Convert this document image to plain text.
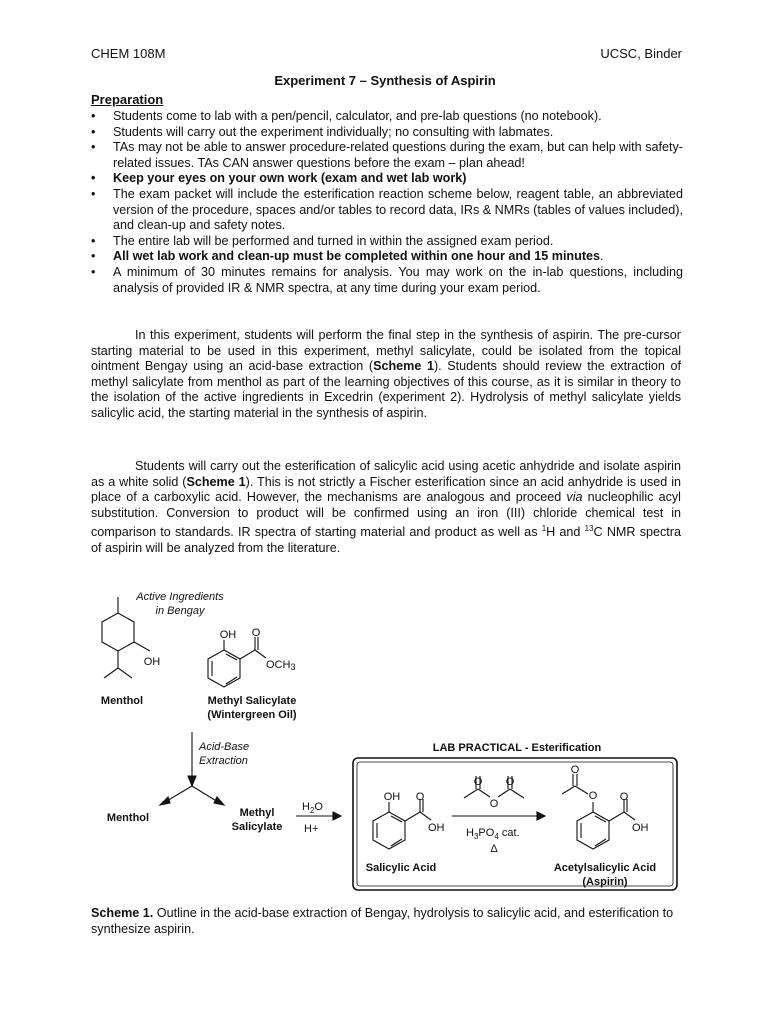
CHEM 108M	UCSC, Binder
Experiment 7 – Synthesis of Aspirin
Preparation
• Students come to lab with a pen/pencil, calculator, and pre-lab questions (no notebook).
• Students will carry out the experiment individually; no consulting with labmates.
• TAs may not be able to answer procedure-related questions during the exam, but can help with safety-related issues. TAs CAN answer questions before the exam – plan ahead!
• Keep your eyes on your own work (exam and wet lab work)
• The exam packet will include the esterification reaction scheme below, reagent table, an abbreviated version of the procedure, spaces and/or tables to record data, IRs & NMRs (tables of values included), and clean-up and safety notes.
• The entire lab will be performed and turned in within the assigned exam period.
• All wet lab work and clean-up must be completed within one hour and 15 minutes.
• A minimum of 30 minutes remains for analysis. You may work on the in-lab questions, including analysis of provided IR & NMR spectra, at any time during your exam period.

In this experiment, students will perform the final step in the synthesis of aspirin. The pre-cursor starting material to be used in this experiment, methyl salicylate, could be isolated from the topical ointment Bengay using an acid-base extraction (Scheme 1). Students should review the extraction of methyl salicylate from menthol as part of the learning objectives of this course, as it is similar in theory to the isolation of the active ingredients in Excedrin (experiment 2). Hydrolysis of methyl salicylate yields salicylic acid, the starting material in the synthesis of aspirin.

Students will carry out the esterification of salicylic acid using acetic anhydride and isolate aspirin as a white solid (Scheme 1). This is not strictly a Fischer esterification since an acid anhydride is used in place of a carboxylic acid. However, the mechanisms are analogous and proceed via nucleophilic acyl substitution. Conversion to product will be confirmed using an iron (III) chloride chemical test in comparison to standards. IR spectra of starting material and product as well as $^1$H and $^{13}$C NMR spectra of aspirin will be analyzed from the literature.

Active Ingredients
in Bengay
OH
OH O
OCH3
Menthol	Methyl Salicylate
(Wintergreen Oil)
Acid-Base
Extraction
Menthol	Methyl
Salicylate
$H_2O$
H+
LAB PRACTICAL - Esterification
OH O
OH
O O
O
$H_3PO_4$ cat.
Δ
O
O O
OH
Salicylic Acid	Acetylsalicylic Acid
(Aspirin)

Scheme 1. Outline in the acid-base extraction of Bengay, hydrolysis to salicylic acid, and esterification to synthesize aspirin.
